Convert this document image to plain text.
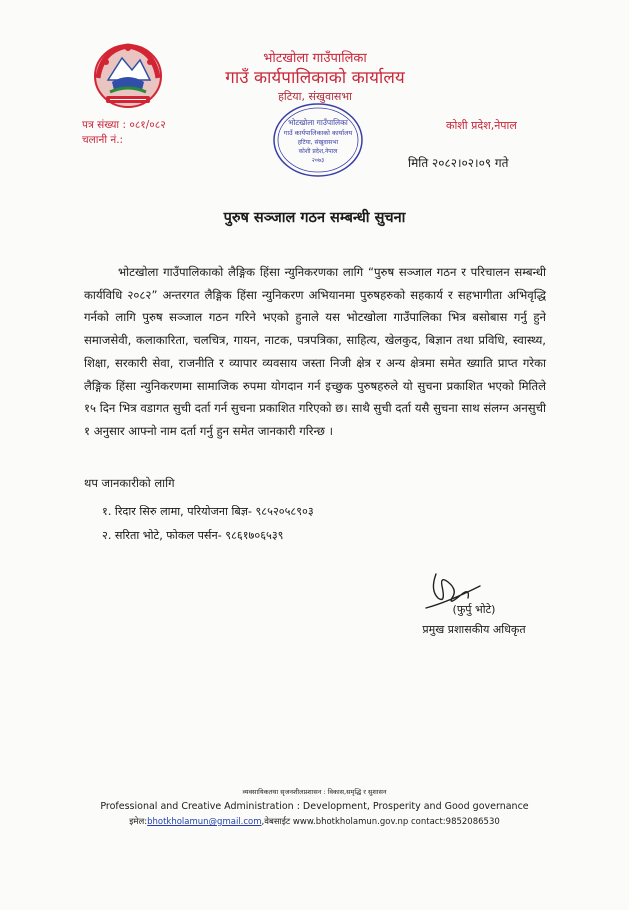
भोटखोला गाउँपालिका
गाउँ कार्यपालिकाको कार्यालय
हटिया, संखुवासभा
पत्र संख्या : ०८१/०८२
चलानी नं.:
कोशी प्रदेश,नेपाल
भोटखोला गाउँपालिका
गाउँ कार्यपालिकाको कार्यालय
हटिया, संखुवासभा
कोशी प्रदेश,नेपाल
२०७३	मिति २०८२।०२।०९ गते
पुरुष सञ्जाल गठन सम्बन्धी सुचना

भोटखोला गाउँपालिकाको लैङ्गिक हिंसा न्युनिकरणका लागि “पुरुष सञ्जाल गठन र परिचालन सम्बन्धी कार्यविधि २०८२” अन्तरगत लैङ्गिक हिंसा न्युनिकरण अभियानमा पुरुषहरुको सहकार्य र सहभागीता अभिवृद्धि गर्नको लागि पुरुष सञ्जाल गठन गरिने भएको हुनाले यस भोटखोला गाउँपालिका भित्र बसोबास गर्नु हुने समाजसेवी, कलाकारिता, चलचित्र, गायन, नाटक, पत्रपत्रिका, साहित्य, खेलकुद, बिज्ञान तथा प्रविधि, स्वास्थ्य, शिक्षा, सरकारी सेवा, राजनीति र व्यापार व्यवसाय जस्ता निजी क्षेत्र र अन्य क्षेत्रमा समेत ख्याति प्राप्त गरेका लैङ्गिक हिंसा न्युनिकरणमा सामाजिक रुपमा योगदान गर्न इच्छुक पुरुषहरुले यो सुचना प्रकाशित भएको मितिले १५ दिन भित्र वडागत सुची दर्ता गर्न सुचना प्रकाशित गरिएको छ। साथै सुची दर्ता यसै सुचना साथ संलग्न अनसुची १ अनुसार आफ्नो नाम दर्ता गर्नु हुन समेत जानकारी गरिन्छ ।

थप जानकारीको लागि
१. रिदार सिरु लामा, परियोजना बिज्ञ- ९८५२०५८९०३
२. सरिता भोटे, फोकल पर्सन- ९८६१७०६५३९
(फुर्पु भोटे)
प्रमुख प्रशासकीय अधिकृत
व्यवसायिकतथा सृजनशीलप्रशासन : विकास,समृद्धि र सुशासन
Professional and Creative Administration : Development, Prosperity and Good governance
इमेल:bhotkholamun@gmail.com,वेबसाईट www.bhotkholamun.gov.np contact:9852086530
